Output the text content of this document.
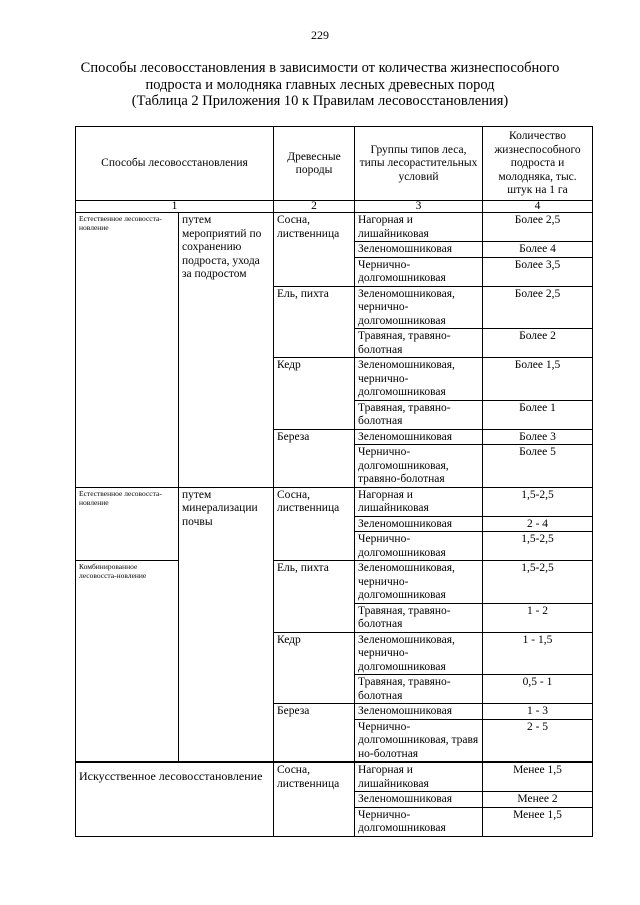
229
Способы лесовосстановления в зависимости от количества жизнеспособного
подроста и молодняка главных лесных древесных пород
(Таблица 2 Приложения 10 к Правилам лесовосстановления)
Способы лесовосстановления		Древесные породы	Группы типов леса, типы лесорастительных условий	Количество жизнеспособного подроста и молодняка, тыс. штук на 1 га
1		2	3	4
Естественное лесовосста-новление	путем мероприятий по сохранению подроста, ухода за подростом	Сосна, лиственница	Нагорная и лишайниковая	Более 2,5
			Зеленомошниковая	Более 4
			Чернично-долгомошниковая	Более 3,5
		Ель, пихта	Зеленомошниковая, чернично-долгомошниковая	Более 2,5
			Травяная, травяно-болотная	Более 2
		Кедр	Зеленомошниковая, чернично-долгомошниковая	Более 1,5
			Травяная, травяно-болотная	Более 1
		Береза	Зеленомошниковая	Более 3
			Чернично-долгомошниковая, травяно-болотная	Более 5

Естественное лесовосста-новление	путем минерализации почвы	Сосна, лиственница	Нагорная и лишайниковая	1,5-2,5
			Зеленомошниковая	2 - 4
			Чернично-долгомошниковая	1,5-2,5
Комбинированное лесовосста-новление		Ель, пихта	Зеленомошниковая, чернично-долгомошниковая	1,5-2,5
			Травяная, травяно-болотная	1 - 2
		Кедр	Зеленомошниковая, чернично-долгомошниковая	1 - 1,5
			Травяная, травяно-болотная	0,5 - 1
		Береза	Зеленомошниковая	1 - 3
			Чернично-долгомошниковая, травя но-болотная	2 - 5
Искусственное лесовосстановление		Сосна, лиственница	Нагорная и лишайниковая	Менее 1,5
			Зеленомошниковая	Менее 2
			Чернично-долгомошниковая	Менее 1,5
